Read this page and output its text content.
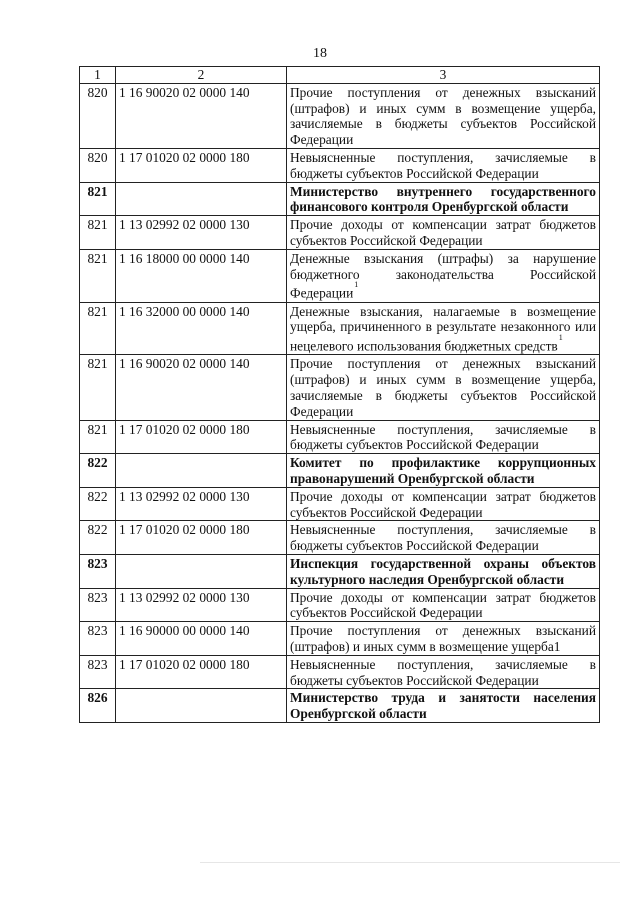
18
1	2	3
820	1 16 90020 02 0000 140	Прочие поступления от денежных взысканий (штрафов) и иных сумм в возмещение ущерба, зачисляемые в бюджеты субъектов Российской Федерации
820	1 17 01020 02 0000 180	Невыясненные поступления, зачисляемые в бюджеты субъектов Российской Федерации
821		Министерство внутреннего государственного финансового контроля Оренбургской области
821	1 13 02992 02 0000 130	Прочие доходы от компенсации затрат бюджетов субъектов Российской Федерации
821	1 16 18000 00 0000 140	Денежные взыскания (штрафы) за нарушение бюджетного законодательства Российской Федерации$^1$
821	1 16 32000 00 0000 140	Денежные взыскания, налагаемые в возмещение ущерба, причиненного в результате незаконного или нецелевого использования бюджетных средств$^1$
821	1 16 90020 02 0000 140	Прочие поступления от денежных взысканий (штрафов) и иных сумм в возмещение ущерба, зачисляемые в бюджеты субъектов Российской Федерации
821	1 17 01020 02 0000 180	Невыясненные поступления, зачисляемые в бюджеты субъектов Российской Федерации
822		Комитет по профилактике коррупционных правонарушений Оренбургской области
822	1 13 02992 02 0000 130	Прочие доходы от компенсации затрат бюджетов субъектов Российской Федерации
822	1 17 01020 02 0000 180	Невыясненные поступления, зачисляемые в бюджеты субъектов Российской Федерации
823		Инспекция государственной охраны объектов культурного наследия Оренбургской области
823	1 13 02992 02 0000 130	Прочие доходы от компенсации затрат бюджетов субъектов Российской Федерации
823	1 16 90000 00 0000 140	Прочие поступления от денежных взысканий (штрафов) и иных сумм в возмещение ущерба1
823	1 17 01020 02 0000 180	Невыясненные поступления, зачисляемые в бюджеты субъектов Российской Федерации
826		Министерство труда и занятости населения Оренбургской области
